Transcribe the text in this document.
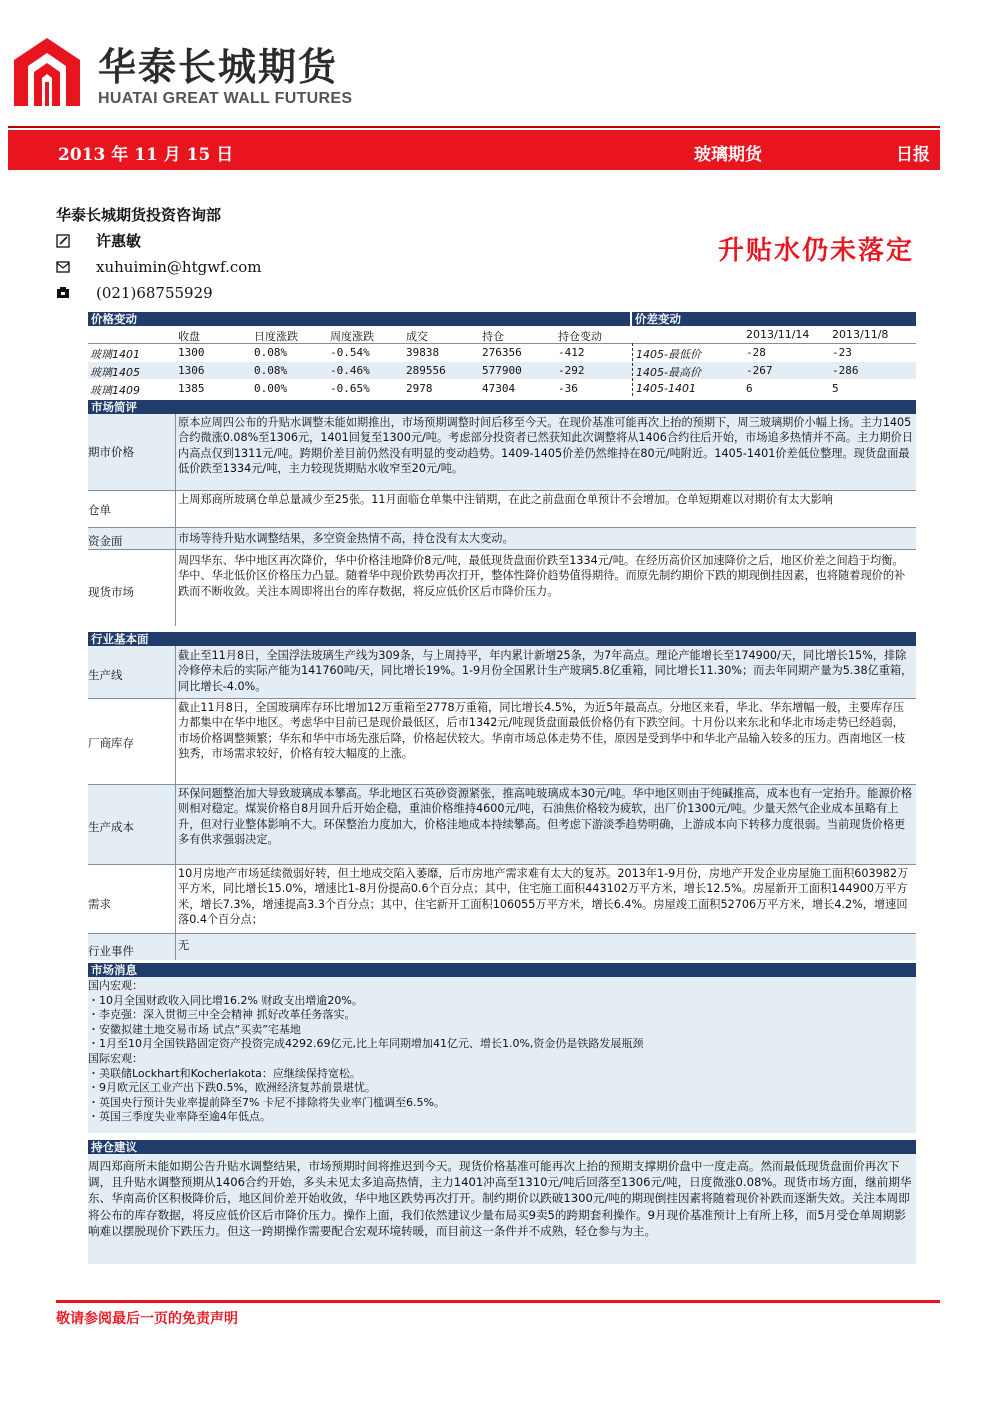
华泰长城期货
HUATAI GREAT WALL FUTURES
2013 年 11 月 15 日	玻璃期货	日报
华泰长城期货投资咨询部
许惠敏
xuhuimin@htgwf.com
(021)68755929
升贴水仍未落定
价格变动	价差变动
收盘	日度涨跌	周度涨跌	成交	持仓	持仓变动	2013/11/14 2013/11/8
玻璃1401	1300	0.08%	-0.54%	39838	276356	-412	1405-最低价	-28	-23
玻璃1405	1306	0.08%	-0.46%	289556	577900	-292	1405-最高价	-267	-286
玻璃1409	1385	0.00%	-0.65%	2978	47304	-36	1405-1401	6	5
市场简评
期市价格
原本应周四公布的升贴水调整未能如期推出，市场预期调整时间后移至今天。在现价基准可能再次上抬的预期下，周三玻璃期价小幅上扬。主力1405合约微涨0.08%至1306元，1401回复至1300元/吨。考虑部分投资者已然获知此次调整将从1406合约往后开始，市场追多热情并不高。主力期价日内高点仅到1311元/吨。跨期价差目前仍然没有明显的变动趋势。1409-1405价差仍然维持在80元/吨附近。1405-1401价差低位整理。现货盘面最低价跌至1334元/吨，主力较现货期贴水收窄至20元/吨。
仓单
上周郑商所玻璃仓单总量减少至25张。11月面临仓单集中注销期，在此之前盘面仓单预计不会增加。仓单短期难以对期价有太大影响
资金面	市场等待升贴水调整结果，多空资金热情不高，持仓没有太大变动。
现货市场
周四华东、华中地区再次降价，华中价格洼地降价8元/吨，最低现货盘面价跌至1334元/吨。在经历高价区加速降价之后，地区价差之间趋于均衡。华中、华北低价区价格压力凸显。随着华中现价跌势再次打开，整体性降价趋势值得期待。而原先制约期价下跌的期现倒挂因素，也将随着现价的补跌而不断收敛。关注本周即将出台的库存数据，将反应低价区后市降价压力。
行业基本面
生产线
截止至11月8日，全国浮法玻璃生产线为309条，与上周持平，年内累计新增25条，为7年高点。理论产能增长至174900/天，同比增长15%，排除冷修停未后的实际产能为141760吨/天，同比增长19%。1-9月份全国累计生产玻璃5.8亿重箱，同比增长11.30%；而去年同期产量为5.38亿重箱，同比增长-4.0%。
厂商库存
截止11月8日，全国玻璃库存环比增加12万重箱至2778万重箱，同比增长4.5%，为近5年最高点。分地区来看，华北、华东增幅一般，主要库存压力都集中在华中地区。考虑华中目前已是现价最低区，后市1342元/吨现货盘面最低价格仍有下跌空间。十月份以来东北和华北市场走势已经趋弱，市场价格调整频繁；华东和华中市场先涨后降，价格起伏较大。华南市场总体走势不佳，原因是受到华中和华北产品输入较多的压力。西南地区一枝独秀，市场需求较好，价格有较大幅度的上涨。
生产成本
环保问题整治加大导致玻璃成本攀高。华北地区石英砂资源紧张，推高吨玻璃成本30元/吨。华中地区则由于纯碱推高，成本也有一定抬升。能源价格则相对稳定。煤炭价格自8月回升后开始企稳，重油价格维持4600元/吨，石油焦价格较为疲软，出厂价1300元/吨。少量天然气企业成本虽略有上升，但对行业整体影响不大。环保整治力度加大，价格洼地成本持续攀高。但考虑下游淡季趋势明确，上游成本向下转移力度很弱。当前现货价格更多有供求强弱决定。
需求
10月房地产市场延续微弱好转，但土地成交陷入萎靡，后市房地产需求难有太大的复苏。2013年1-9月份，房地产开发企业房屋施工面积603982万平方米，同比增长15.0%，增速比1-8月份提高0.6个百分点；其中，住宅施工面积443102万平方米，增长12.5%。房屋新开工面积144900万平方米，增长7.3%，增速提高3.3个百分点；其中，住宅新开工面积106055万平方米，增长6.4%。房屋竣工面积52706万平方米，增长4.2%，增速回落0.4个百分点；
行业事件	无
市场消息
国内宏观：
・10月全国财政收入同比增16.2% 财政支出增逾20%。
・李克强：深入贯彻三中全会精神 抓好改革任务落实。
・安徽拟建土地交易市场 试点“买卖”宅基地
・1月至10月全国铁路固定资产投资完成4292.69亿元,比上年同期增加41亿元、增长1.0%,资金仍是铁路发展瓶颈
国际宏观：
・美联储Lockhart和Kocherlakota：应继续保持宽松。
・9月欧元区工业产出下跌0.5%，欧洲经济复苏前景堪忧。
・英国央行预计失业率提前降至7% 卡尼不排除将失业率门槛调至6.5%。
・英国三季度失业率降至逾4年低点。
持仓建议
周四郑商所未能如期公告升贴水调整结果，市场预期时间将推迟到今天。现货价格基准可能再次上抬的预期支撑期价盘中一度走高。然而最低现货盘面价再次下调，且升贴水调整预期从1406合约开始，多头未见太多追高热情，主力1401冲高至1310元/吨后回落至1306元/吨，日度微涨0.08%。现货市场方面，继前期华东、华南高价区积极降价后，地区间价差开始收敛，华中地区跌势再次打开。制约期价以跌破1300元/吨的期现倒挂因素将随着现价补跌而逐渐失效。关注本周即将公布的库存数据，将反应低价区后市降价压力。操作上面，我们依然建议少量布局买9卖5的跨期套利操作。9月现价基准预计上有所上移，而5月受仓单周期影响难以摆脱现价下跌压力。但这一跨期操作需要配合宏观环境转暖，而目前这一条件并不成熟，轻仓参与为主。
敬请参阅最后一页的免责声明
